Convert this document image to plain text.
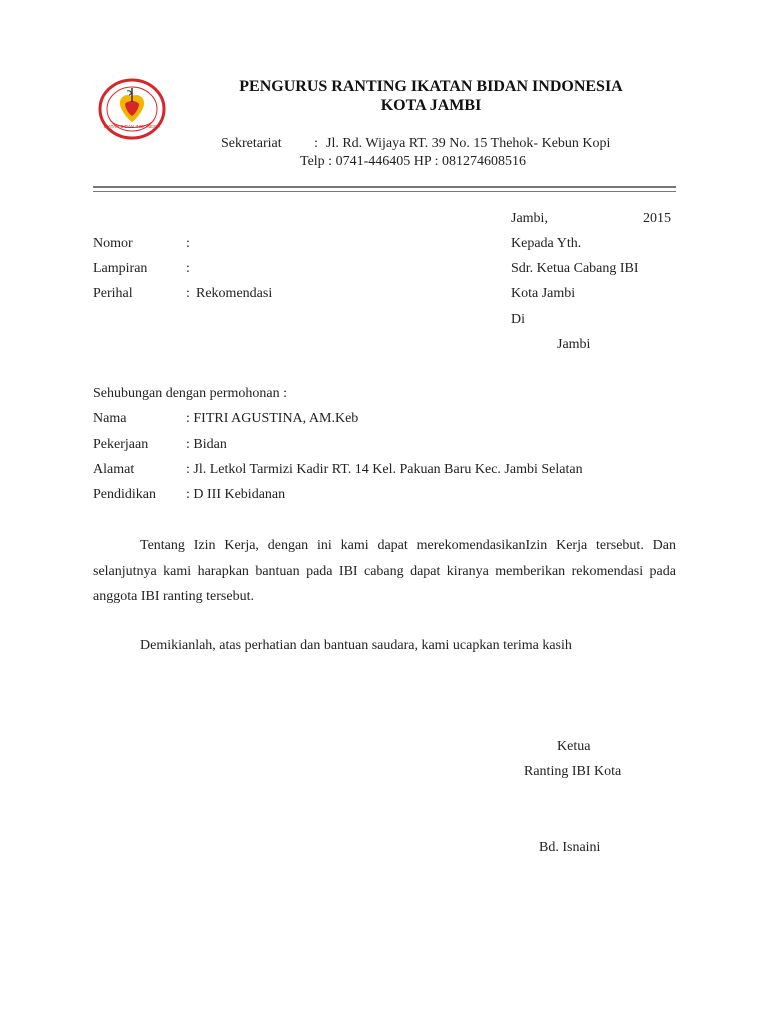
IKATAN BIDAN INDONESIA
PENGURUS RANTING IKATAN BIDAN INDONESIA
KOTA JAMBI
Sekretariat : Jl. Rd. Wijaya RT. 39 No. 15 Thehok- Kebun Kopi
Telp : 0741-446405 HP : 081274608516
Jambi,	2015
Nomor	:
Lampiran	:
Perihal	: Rekomendasi
Kepada Yth.
Sdr. Ketua Cabang IBI
Kota Jambi
Di
Jambi
Sehubungan dengan permohonan :
Nama	: FITRI AGUSTINA, AM.Keb
Pekerjaan	: Bidan
Alamat	: Jl. Letkol Tarmizi Kadir RT. 14 Kel. Pakuan Baru Kec. Jambi Selatan
Pendidikan : D III Kebidanan
Tentang Izin Kerja, dengan ini kami dapat merekomendasikanIzin Kerja tersebut. Dan selanjutnya kami harapkan bantuan pada IBI cabang dapat kiranya memberikan rekomendasi pada anggota IBI ranting tersebut.
Demikianlah, atas perhatian dan bantuan saudara, kami ucapkan terima kasih
Ketua
Ranting IBI Kota
Bd. Isnaini
